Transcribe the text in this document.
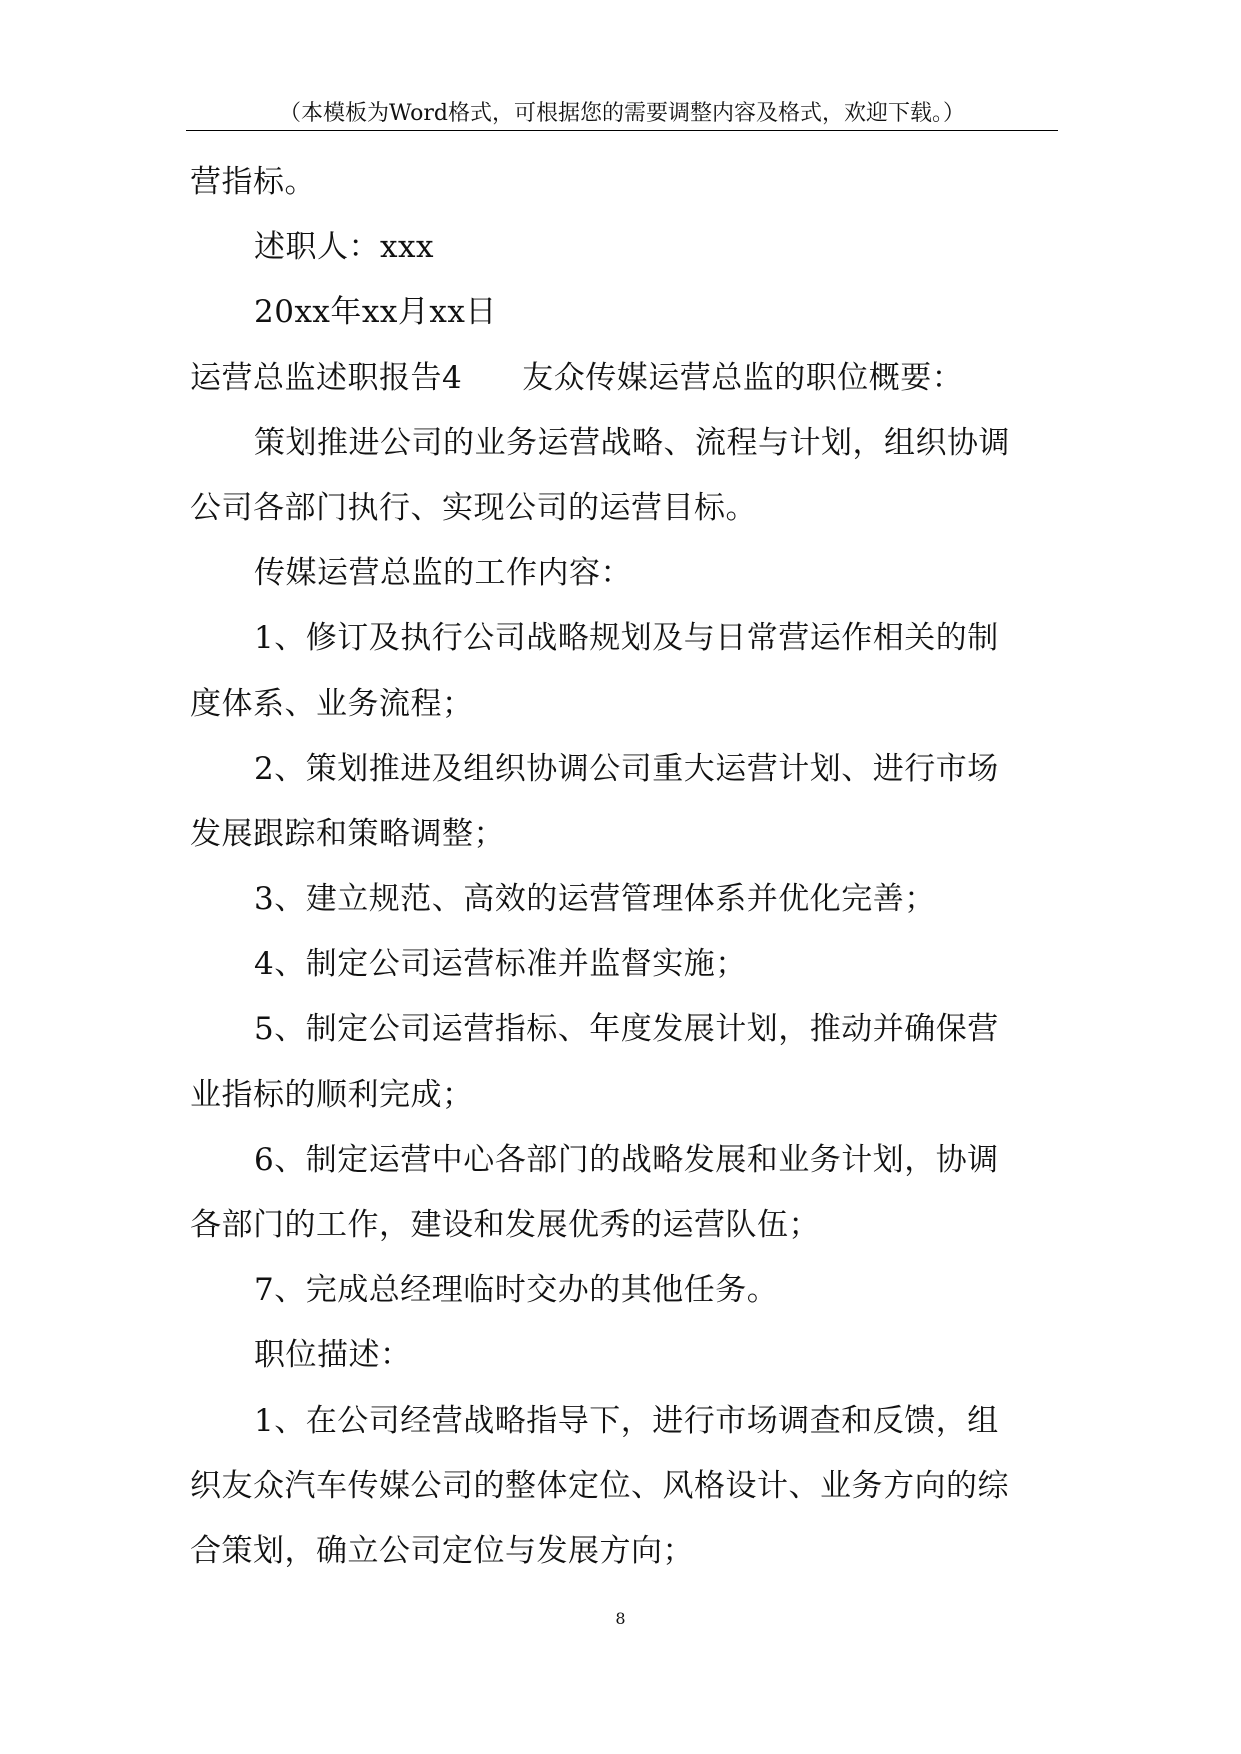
（本模板为Word格式，可根据您的需要调整内容及格式，欢迎下载。）
营指标。
述职人：xxx
20xx年xx月xx日
运营总监述职报告4 友众传媒运营总监的职位概要：
策划推进公司的业务运营战略、流程与计划，组织协调
公司各部门执行、实现公司的运营目标。
传媒运营总监的工作内容：
1、修订及执行公司战略规划及与日常营运作相关的制
度体系、业务流程；
2、策划推进及组织协调公司重大运营计划、进行市场
发展跟踪和策略调整；
3、建立规范、高效的运营管理体系并优化完善；
4、制定公司运营标准并监督实施；
5、制定公司运营指标、年度发展计划，推动并确保营
业指标的顺利完成；
6、制定运营中心各部门的战略发展和业务计划，协调
各部门的工作，建设和发展优秀的运营队伍；
7、完成总经理临时交办的其他任务。
职位描述：
1、在公司经营战略指导下，进行市场调查和反馈，组
织友众汽车传媒公司的整体定位、风格设计、业务方向的综
合策划，确立公司定位与发展方向；
8
